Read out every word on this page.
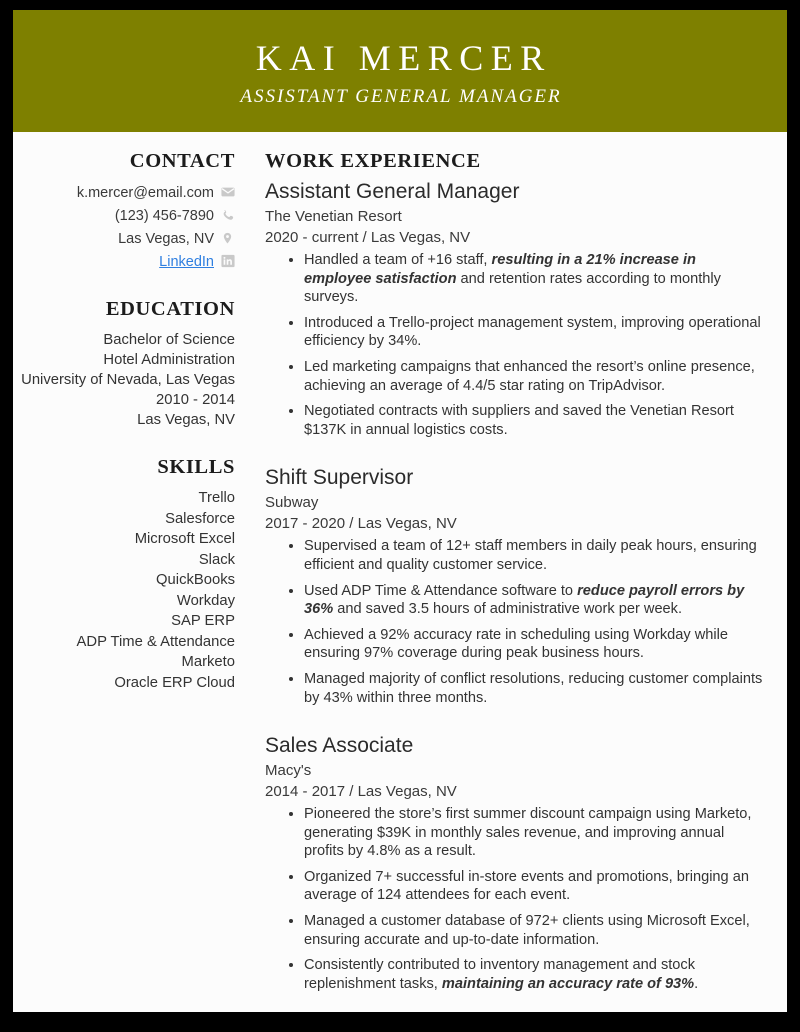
KAI MERCER
ASSISTANT GENERAL MANAGER
CONTACT
k.mercer@email.com
(123) 456-7890
Las Vegas, NV
LinkedIn
EDUCATION
Bachelor of Science
Hotel Administration
University of Nevada, Las Vegas
2010 - 2014
Las Vegas, NV
SKILLS
Trello
Salesforce
Microsoft Excel
Slack
QuickBooks
Workday
SAP ERP
ADP Time & Attendance
Marketo
Oracle ERP Cloud
WORK EXPERIENCE
Assistant General Manager
The Venetian Resort
2020 - current / Las Vegas, NV
Handled a team of +16 staff, resulting in a 21% increase in employee satisfaction and retention rates according to monthly surveys.
Introduced a Trello-project management system, improving operational efficiency by 34%.
Led marketing campaigns that enhanced the resort’s online presence, achieving an average of 4.4/5 star rating on TripAdvisor.
Negotiated contracts with suppliers and saved the Venetian Resort $137K in annual logistics costs.
Shift Supervisor
Subway
2017 - 2020 / Las Vegas, NV
Supervised a team of 12+ staff members in daily peak hours, ensuring efficient and quality customer service.
Used ADP Time & Attendance software to reduce payroll errors by 36% and saved 3.5 hours of administrative work per week.
Achieved a 92% accuracy rate in scheduling using Workday while ensuring 97% coverage during peak business hours.
Managed majority of conflict resolutions, reducing customer complaints by 43% within three months.
Sales Associate
Macy's
2014 - 2017 / Las Vegas, NV
Pioneered the store’s first summer discount campaign using Marketo, generating $39K in monthly sales revenue, and improving annual profits by 4.8% as a result.
Organized 7+ successful in-store events and promotions, bringing an average of 124 attendees for each event.
Managed a customer database of 972+ clients using Microsoft Excel, ensuring accurate and up-to-date information.
Consistently contributed to inventory management and stock replenishment tasks, maintaining an accuracy rate of 93%.
